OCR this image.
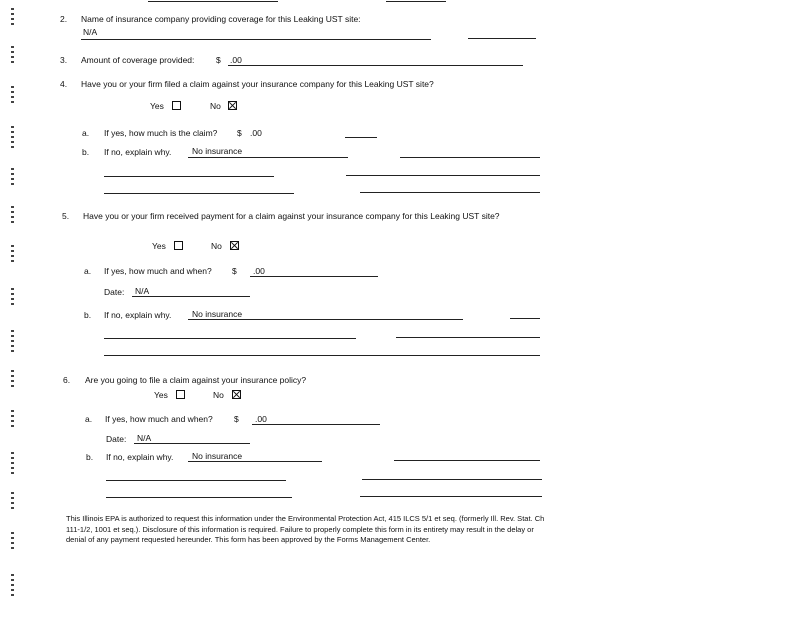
2. Name of insurance company providing coverage for this Leaking UST site:
N/A
3. Amount of coverage provided:	$ .00
4. Have you or your firm filed a claim against your insurance company for this Leaking UST site?
Yes	No
a. If yes, how much is the claim? $ .00
b. If no, explain why. No insurance
5. Have you or your firm received payment for a claim against your insurance company for this Leaking UST site?
Yes	No
a. If yes, how much and when? $ .00
Date: N/A
b. If no, explain why. No insurance
6. Are you going to file a claim against your insurance policy?
Yes	No
a. If yes, how much and when?	$ .00
Date: N/A
b. If no, explain why. No insurance
This Illinois EPA is authorized to request this information under the Environmental Protection Act, 415 ILCS 5/1 et seq. (formerly Ill. Rev. Stat. Ch 111-1/2, 1001 et seq.). Disclosure of this information is required. Failure to properly complete this form in its entirety may result in the delay or denial of any payment requested hereunder. This form has been approved by the Forms Management Center.
